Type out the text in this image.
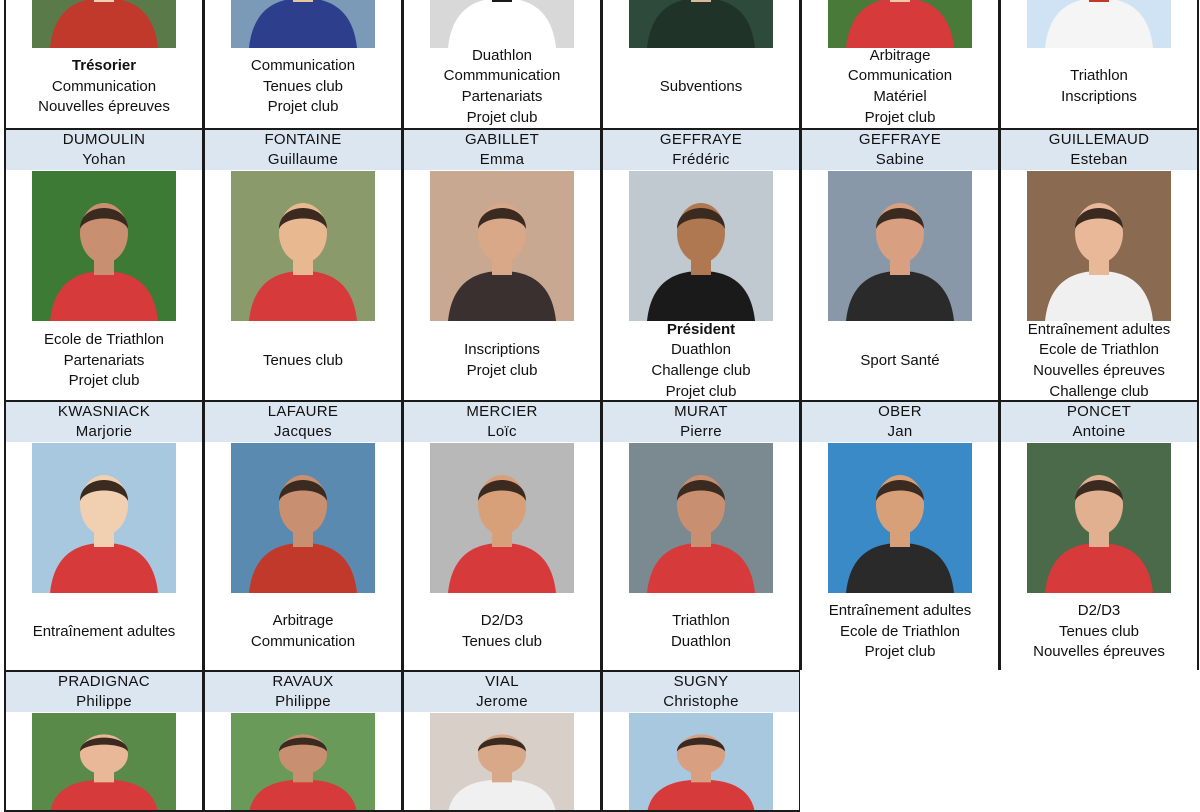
Trésorier
Communication
Nouvelles épreuves
Communication
Tenues club
Projet club
Duathlon
Commmunication
Partenariats
Projet club
Subventions
Arbitrage
Communication
Matériel
Projet club
Triathlon
Inscriptions
DUMOULIN
Yohan
Ecole de Triathlon
Partenariats
Projet club
FONTAINE
Guillaume
Tenues club
GABILLET
Emma
Inscriptions
Projet club
GEFFRAYE
Frédéric
Président
Duathlon
Challenge club
Projet club
GEFFRAYE
Sabine
Sport Santé
GUILLEMAUD
Esteban
Entraînement adultes
Ecole de Triathlon
Nouvelles épreuves
Challenge club
KWASNIACK
Marjorie
Entraînement adultes
LAFAURE
Jacques
Arbitrage
Communication
MERCIER
Loïc
D2/D3
Tenues club
MURAT
Pierre
Triathlon
Duathlon
OBER
Jan
Entraînement adultes
Ecole de Triathlon
Projet club
PONCET
Antoine
D2/D3
Tenues club
Nouvelles épreuves
PRADIGNAC
Philippe
RAVAUX
Philippe
VIAL
Jerome
SUGNY
Christophe
